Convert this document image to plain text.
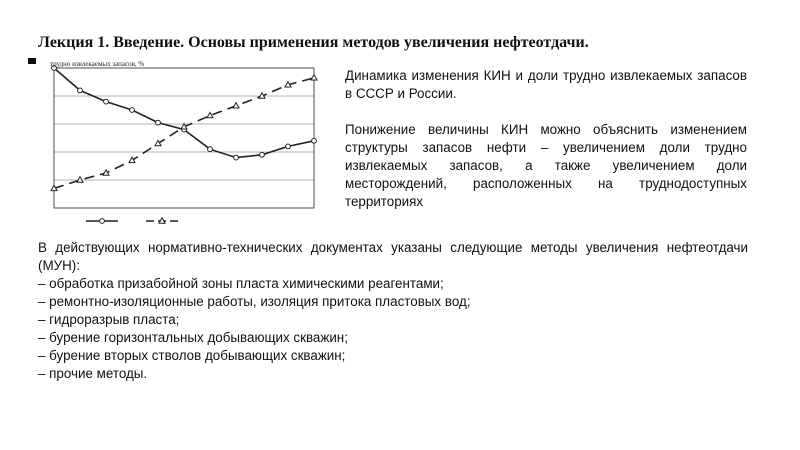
Лекция 1. Введение. Основы применения методов увеличения нефтеотдачи.
трудно извлекаемых запасов, %

Динамика изменения КИН и доли трудно извлекаемых запасов в СССР и России.

Понижение величины КИН можно объяснить изменением структуры запасов нефти – увеличением доли трудно извлекаемых запасов, а также увеличением доли месторождений, расположенных на труднодоступных территориях

В действующих нормативно-технических документах указаны следующие методы увеличения нефтеотдачи (МУН):

– обработка призабойной зоны пласта химическими реагентами;
– ремонтно-изоляционные работы, изоляция притока пластовых вод;
– гидроразрыв пласта;
– бурение горизонтальных добывающих скважин;
– бурение вторых стволов добывающих скважин;
– прочие методы.
